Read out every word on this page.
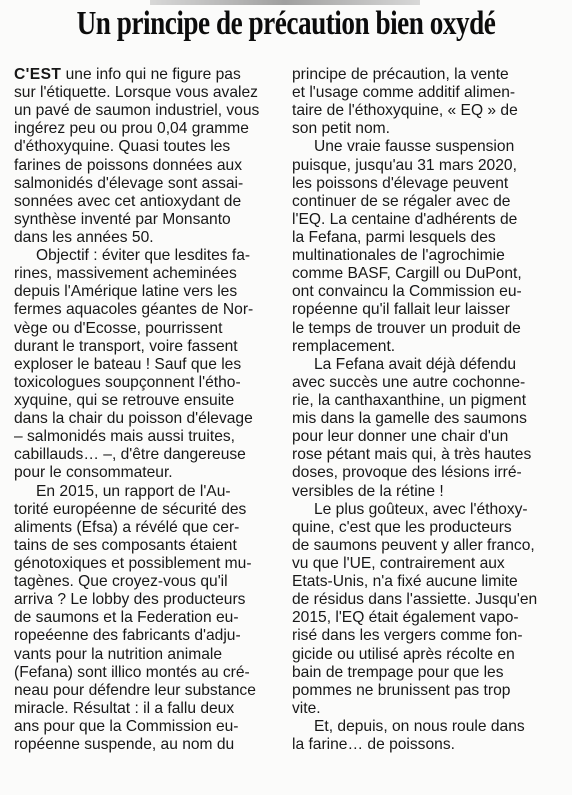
Un principe de précaution bien oxydé
C'EST une info qui ne figure pas
sur l'étiquette. Lorsque vous avalez
un pavé de saumon industriel, vous
ingérez peu ou prou 0,04 gramme
d'éthoxyquine. Quasi toutes les
farines de poissons données aux
salmonidés d'élevage sont assai-
sonnées avec cet antioxydant de
synthèse inventé par Monsanto
dans les années 50.
Objectif : éviter que lesdites fa-
rines, massivement acheminées
depuis l'Amérique latine vers les
fermes aquacoles géantes de Nor-
vège ou d'Ecosse, pourrissent
durant le transport, voire fassent
exploser le bateau ! Sauf que les
toxicologues soupçonnent l'étho-
xyquine, qui se retrouve ensuite
dans la chair du poisson d'élevage
– salmonidés mais aussi truites,
cabillauds… –, d'être dangereuse
pour le consommateur.
En 2015, un rapport de l'Au-
torité européenne de sécurité des
aliments (Efsa) a révélé que cer-
tains de ses composants étaient
génotoxiques et possiblement mu-
tagènes. Que croyez-vous qu'il
arriva ? Le lobby des producteurs
de saumons et la Federation eu-
ropeéenne des fabricants d'adju-
vants pour la nutrition animale
(Fefana) sont illico montés au cré-
neau pour défendre leur substance
miracle. Résultat : il a fallu deux
ans pour que la Commission eu-
ropéenne suspende, au nom du
principe de précaution, la vente
et l'usage comme additif alimen-
taire de l'éthoxyquine, « EQ » de
son petit nom.
Une vraie fausse suspension
puisque, jusqu'au 31 mars 2020,
les poissons d'élevage peuvent
continuer de se régaler avec de
l'EQ. La centaine d'adhérents de
la Fefana, parmi lesquels des
multinationales de l'agrochimie
comme BASF, Cargill ou DuPont,
ont convaincu la Commission eu-
ropéenne qu'il fallait leur laisser
le temps de trouver un produit de
remplacement.
La Fefana avait déjà défendu
avec succès une autre cochonne-
rie, la canthaxanthine, un pigment
mis dans la gamelle des saumons
pour leur donner une chair d'un
rose pétant mais qui, à très hautes
doses, provoque des lésions irré-
versibles de la rétine !
Le plus goûteux, avec l'éthoxy-
quine, c'est que les producteurs
de saumons peuvent y aller franco,
vu que l'UE, contrairement aux
Etats-Unis, n'a fixé aucune limite
de résidus dans l'assiette. Jusqu'en
2015, l'EQ était également vapo-
risé dans les vergers comme fon-
gicide ou utilisé après récolte en
bain de trempage pour que les
pommes ne brunissent pas trop
vite.
Et, depuis, on nous roule dans
la farine… de poissons.
